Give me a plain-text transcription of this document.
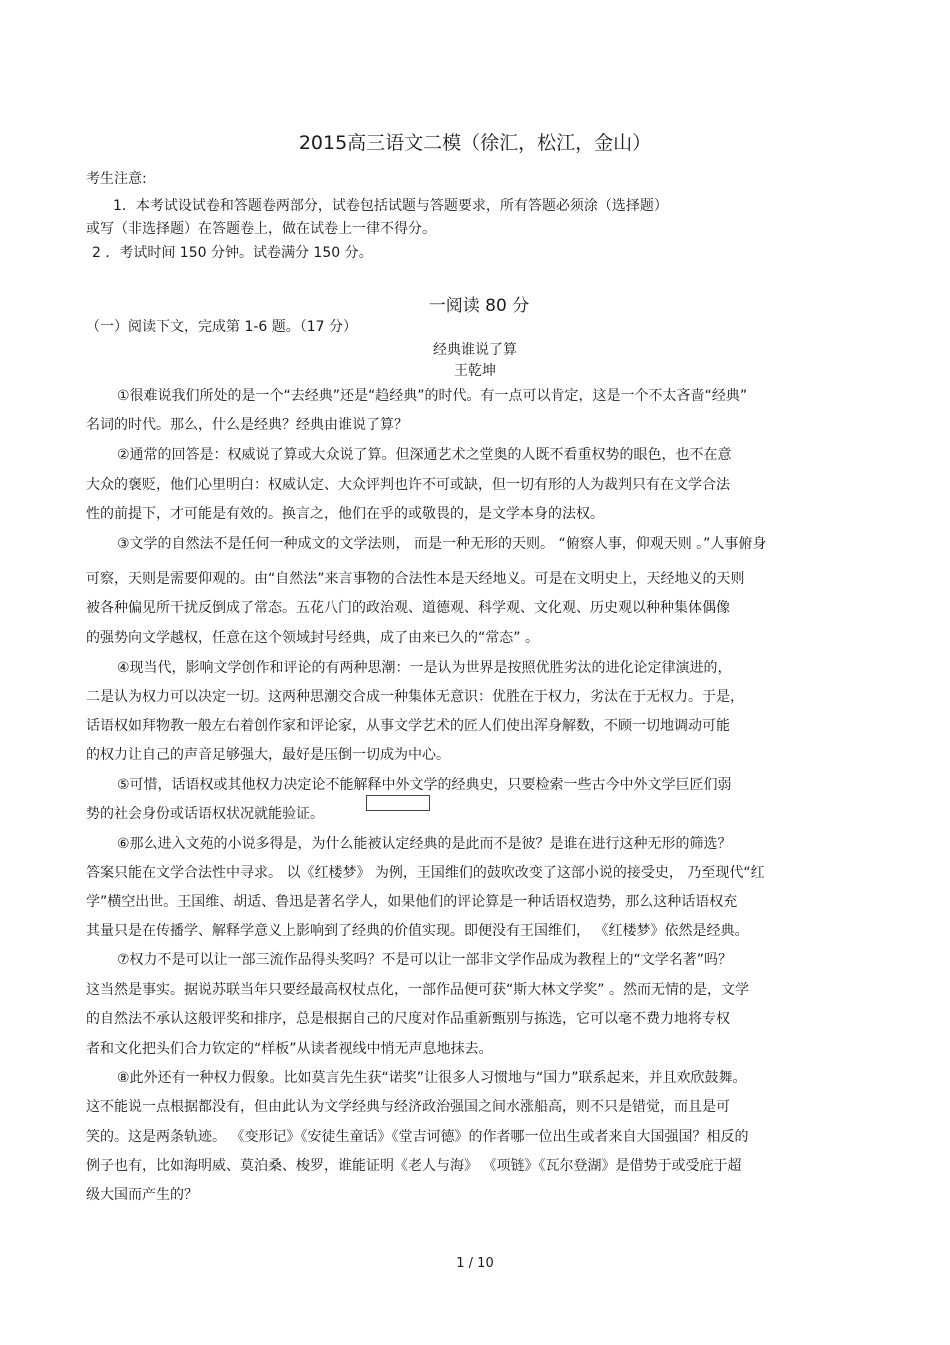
2015高三语文二模（徐汇，松江，金山）
考生注意:
1．本考试设试卷和答题卷两部分，试卷包括试题与答题要求，所有答题必须涂（选择题）
或写（非选择题）在答题卷上，做在试卷上一律不得分。
2 ．考试时间 150 分钟。试卷满分 150 分。
一阅读 80 分
（一）阅读下文，完成第 1-6 题。（17 分）
经典谁说了算
王乾坤
①很难说我们所处的是一个“去经典”还是“趋经典”的时代。有一点可以肯定，这是一个不太吝啬“经典”
名词的时代。那么，什么是经典？经典由谁说了算？
②通常的回答是：权威说了算或大众说了算。但深通艺术之堂奥的人既不看重权势的眼色，也不在意
大众的褒贬，他们心里明白：权威认定、大众评判也许不可或缺，但一切有形的人为裁判只有在文学合法
性的前提下，才可能是有效的。换言之，他们在乎的或敬畏的，是文学本身的法权。
③文学的自然法不是任何一种成文的文学法则， 而是一种无形的天则。 “俯察人事，仰观天则 。”人事俯身
可察，天则是需要仰观的。由“自然法”来言事物的合法性本是天经地义。可是在文明史上，天经地义的天则
被各种偏见所干扰反倒成了常态。五花八门的政治观、道德观、科学观、文化观、历史观以种种集体偶像
的强势向文学越权，任意在这个领域封号经典，成了由来已久的“常态” 。
④现当代，影响文学创作和评论的有两种思潮：一是认为世界是按照优胜劣汰的进化论定律演进的，
二是认为权力可以决定一切。这两种思潮交合成一种集体无意识：优胜在于权力，劣汰在于无权力。于是，
话语权如拜物教一般左右着创作家和评论家，从事文学艺术的匠人们使出浑身解数，不顾一切地调动可能
的权力让自己的声音足够强大，最好是压倒一切成为中心。
⑤可惜，话语权或其他权力决定论不能解释中外文学的经典史，只要检索一些古今中外文学巨匠们弱
势的社会身份或话语权状况就能验证。
⑥那么进入文苑的小说多得是，为什么能被认定经典的是此而不是彼？是谁在进行这种无形的筛选？
答案只能在文学合法性中寻求。 以《红楼梦》 为例，王国维们的鼓吹改变了这部小说的接受史， 乃至现代“红
学”横空出世。王国维、胡适、鲁迅是著名学人，如果他们的评论算是一种话语权造势，那么这种话语权充
其量只是在传播学、解释学意义上影响到了经典的价值实现。即便没有王国维们， 《红楼梦》依然是经典。
⑦权力不是可以让一部三流作品得头奖吗？不是可以让一部非文学作品成为教程上的“文学名著”吗？
这当然是事实。据说苏联当年只要经最高权杖点化，一部作品便可获“斯大林文学奖” 。然而无情的是，文学
的自然法不承认这般评奖和排序，总是根据自己的尺度对作品重新甄别与拣选，它可以毫不费力地将专权
者和文化把头们合力钦定的“样板”从读者视线中悄无声息地抹去。
⑧此外还有一种权力假象。比如莫言先生获“诺奖”让很多人习惯地与“国力”联系起来，并且欢欣鼓舞。
这不能说一点根据都没有，但由此认为文学经典与经济政治强国之间水涨船高，则不只是错觉，而且是可
笑的。这是两条轨迹。 《变形记》《安徒生童话》《堂吉诃德》的作者哪一位出生或者来自大国强国？相反的
例子也有，比如海明威、莫泊桑、梭罗，谁能证明《老人与海》 《项链》《瓦尔登湖》是借势于或受庇于超
级大国而产生的？
1 / 10
